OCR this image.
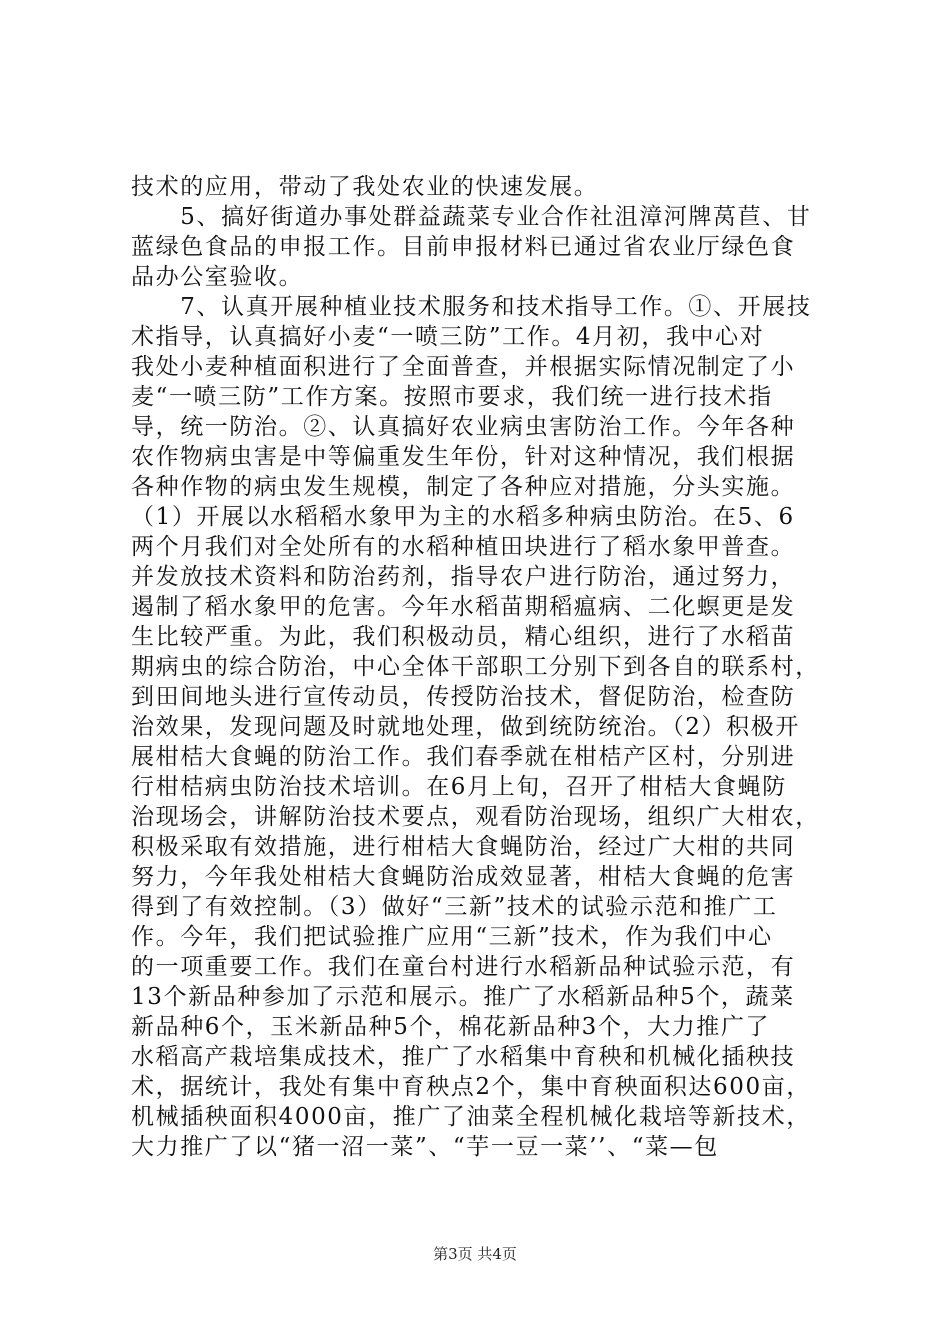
技术的应用，带动了我处农业的快速发展。
　　5、搞好街道办事处群益蔬菜专业合作社沮漳河牌莴苣、甘
蓝绿色食品的申报工作。目前申报材料已通过省农业厅绿色食
品办公室验收。
　　7、认真开展种植业技术服务和技术指导工作。①、开展技
术指导，认真搞好小麦“一喷三防”工作。4月初，我中心对
我处小麦种植面积进行了全面普查，并根据实际情况制定了小
麦“一喷三防”工作方案。按照市要求，我们统一进行技术指
导，统一防治。②、认真搞好农业病虫害防治工作。今年各种
农作物病虫害是中等偏重发生年份，针对这种情况，我们根据
各种作物的病虫发生规模，制定了各种应对措施，分头实施。
（1）开展以水稻稻水象甲为主的水稻多种病虫防治。在5、6
两个月我们对全处所有的水稻种植田块进行了稻水象甲普查。
并发放技术资料和防治药剂，指导农户进行防治，通过努力，
遏制了稻水象甲的危害。今年水稻苗期稻瘟病、二化螟更是发
生比较严重。为此，我们积极动员，精心组织，进行了水稻苗
期病虫的综合防治，中心全体干部职工分别下到各自的联系村，
到田间地头进行宣传动员，传授防治技术，督促防治，检查防
治效果，发现问题及时就地处理，做到统防统治。（2）积极开
展柑桔大食蝇的防治工作。我们春季就在柑桔产区村，分别进
行柑桔病虫防治技术培训。在6月上旬，召开了柑桔大食蝇防
治现场会，讲解防治技术要点，观看防治现场，组织广大柑农，
积极采取有效措施，进行柑桔大食蝇防治，经过广大柑的共同
努力，今年我处柑桔大食蝇防治成效显著，柑桔大食蝇的危害
得到了有效控制。（3）做好“三新”技术的试验示范和推广工
作。今年，我们把试验推广应用“三新”技术，作为我们中心
的一项重要工作。我们在童台村进行水稻新品种试验示范，有
13个新品种参加了示范和展示。推广了水稻新品种5个，蔬菜
新品种6个，玉米新品种5个，棉花新品种3个，大力推广了
水稻高产栽培集成技术，推广了水稻集中育秧和机械化插秧技
术，据统计，我处有集中育秧点2个，集中育秧面积达600亩，
机械插秧面积4000亩，推广了油菜全程机械化栽培等新技术，
大力推广了以“猪一沼一菜”、“芋一豆一菜’’、“菜—包
第3页 共4页
